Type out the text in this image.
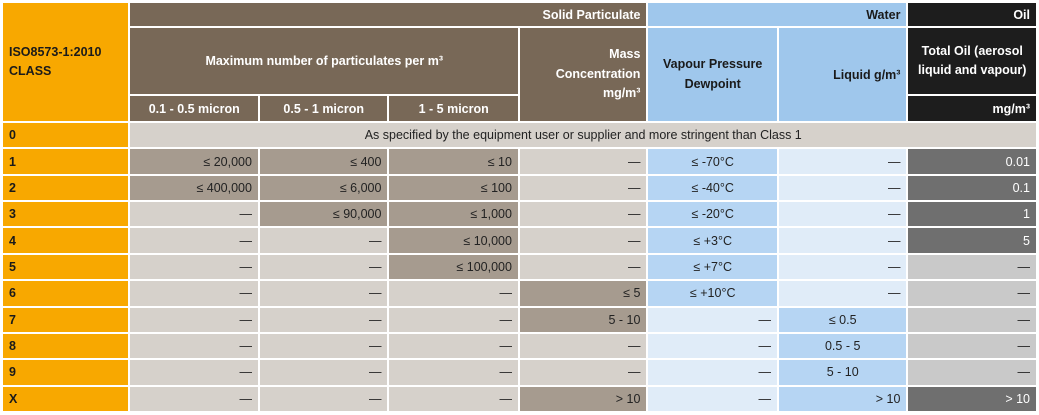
ISO8573-1:2010 CLASS	Solid Particulate				Water		Oil
	Maximum number of particulates per m³			Mass Concentration mg/m³	Vapour Pressure Dewpoint	Liquid g/m³	Total Oil (aerosol liquid and vapour)
	0.1 - 0.5 micron	0.5 - 1 micron	1 - 5 micron				mg/m³
0	As specified by the equipment user or supplier and more stringent than Class 1						
1	≤ 20,000	≤ 400	≤ 10	—	≤ -70°C	—	0.01
2	≤ 400,000	≤ 6,000	≤ 100	—	≤ -40°C	—	0.1
3	—	≤ 90,000	≤ 1,000	—	≤ -20°C	—	1
4	—	—	≤ 10,000	—	≤ +3°C	—	5
5	—	—	≤ 100,000	—	≤ +7°C	—	—
6	—	—	—	≤ 5	≤ +10°C	—	—
7	—	—	—	5 - 10	—	≤ 0.5	—
8	—	—	—	—	—	0.5 - 5	—
9	—	—	—	—	—	5 - 10	—
X	—	—	—	> 10	—	> 10	> 10
